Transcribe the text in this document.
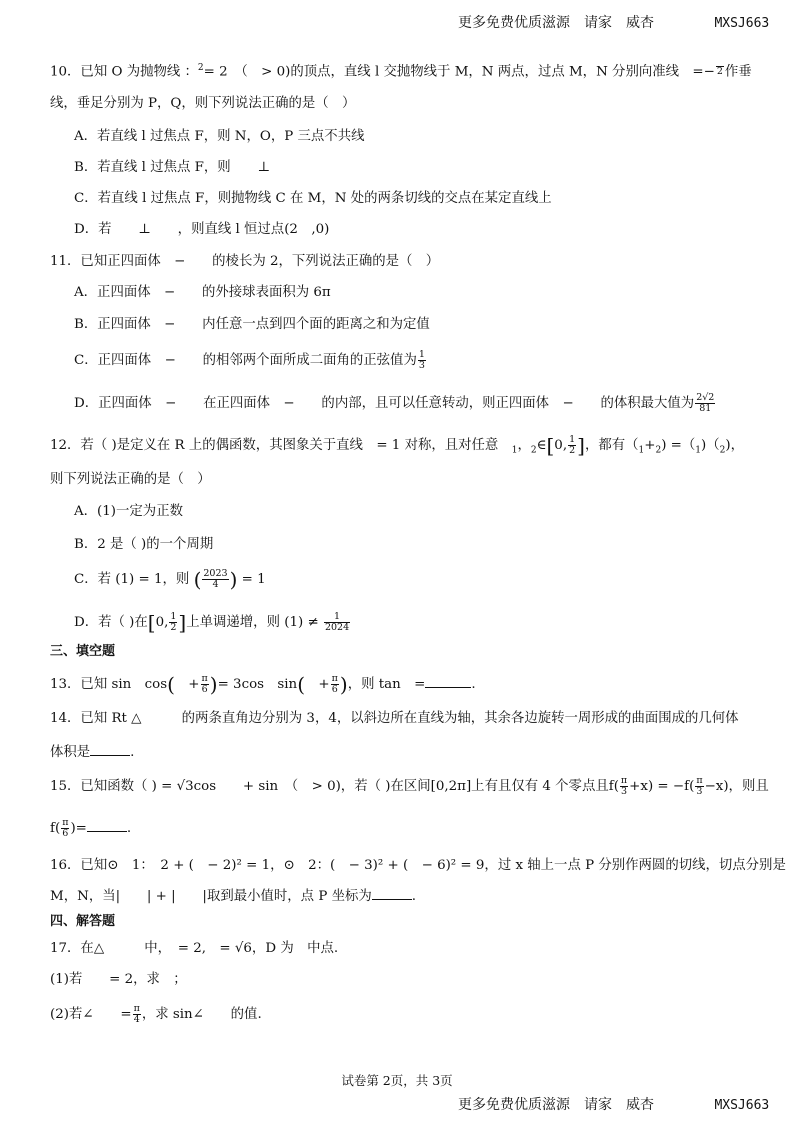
更多免费优质滋源　请家　威杏	MXSJ663
10．已知 O 为抛物线 ：$^2$= 2　（　> 0)的顶点，直线 l 交抛物线于 M，N 两点，过点 M，N 分别向准线　=− 2 作垂
线，垂足分别为 P，Q，则下列说法正确的是（　）
A．若直线 l 过焦点 F，则 N，O，P 三点不共线
B．若直线 l 过焦点 F，则　　⊥
C．若直线 l 过焦点 F，则抛物线 C 在 M，N 处的两条切线的交点在某定直线上
D．若　　⊥　　，则直线 l 恒过点(2　,0)
11．已知正四面体　−　　的棱长为 2，下列说法正确的是（　）
A．正四面体　−　　的外接球表面积为 6π
B．正四面体　−　　内任意一点到四个面的距离之和为定值
C．正四面体　−　　的相邻两个面所成二面角的正弦值为 $\frac{1}{3}$
D．正四面体　−　　在正四面体　−　　的内部，且可以任意转动，则正四面体　−　　的体积最大值为 $\frac{2√2}{81}$
12．若（ )是定义在 R 上的偶函数，其图象关于直线　= 1 对称，且对任意　$_1$，$_2$∈[0, $\frac{1}{2}$ ]，都有$(_1+_2) =(_1)(_2)$，
则下列说法正确的是（　）
A．(1)一定为正数
B．2 是（ )的一个周期
C．若 (1) = 1，则 ( $\frac{2023}{4}$ ) = 1
D．若（ )在[0, $\frac{1}{2}$ ]上单调递增，则 $(1) \ne \frac{1}{2024}$
三、填空题
13．已知 sin　cos(　+ $\frac{\pi}{6}$ )= 3cos　sin(　+ $\frac{\pi}{6}$ )，则 tan　=	.
14．已知 Rt △　　　的两条直角边分别为 3，4，以斜边所在直线为轴，其余各边旋转一周形成的曲面围成的几何体
体积是	.
15．已知函数（ ) = √3cos　　+ sin　（　> 0)，若（ )在区间[0,2π]上有且仅有 4 个零点且$f( \frac{\pi}{3} +x) = -f( \frac{\pi}{3} -x)$，则且
$f( \frac{\pi}{6}$ )=	.
16．已知⊙　1：　2 + (　− 2)² = 1，⊙　2：(　− 3)² + (　− 6)² = 9，过 x 轴上一点 P 分别作两圆的切线，切点分别是
M，N，当|　　| + |　　|取到最小值时，点 P 坐标为	.
四、解答题
17．在△　　　中，　= 2,　= √6，D 为　中点.
(1)若　　= 2，求　；
(2)若∠　　= $\frac{\pi}{4}$ ，求 sin∠　　的值.
试卷第 2页，共 3页
更多免费优质滋源　请家　威杏	MXSJ663
